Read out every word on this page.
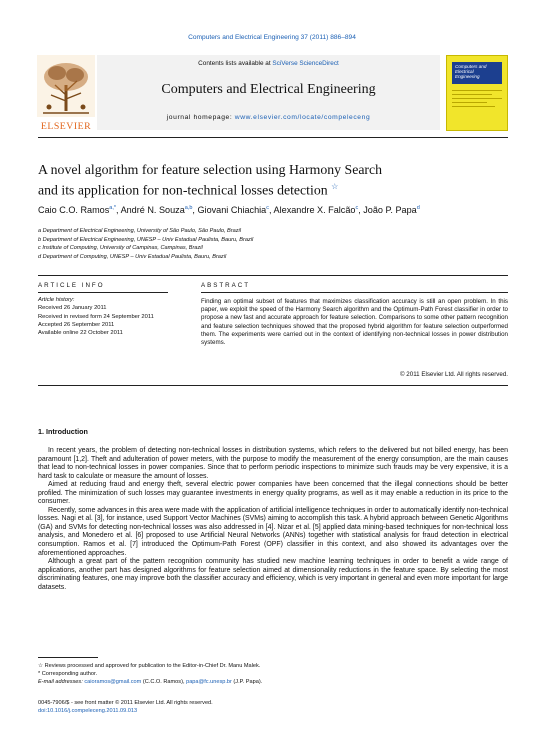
Computers and Electrical Engineering 37 (2011) 886–894
Contents lists available at SciVerse ScienceDirect
Computers and Electrical Engineering
journal homepage: www.elsevier.com/locate/compeleceng
ELSEVIER
Computers and Electrical Engineering
A novel algorithm for feature selection using Harmony Search
and its application for non-technical losses detection ☆
Caio C.O. Ramos$^{a,*}$, André N. Souza$^{a,b}$, Giovani Chiachia$^c$, Alexandre X. Falcão$^c$, João P. Papa$^d$
a Department of Electrical Engineering, University of São Paulo, São Paulo, Brazil
b Department of Electrical Engineering, UNESP – Univ Estadual Paulista, Bauru, Brazil
c Institute of Computing, University of Campinas, Campinas, Brazil
d Department of Computing, UNESP – Univ Estadual Paulista, Bauru, Brazil
ARTICLE INFO	ABSTRACT
Article history:
Received 26 January 2011
Received in revised form 24 September 2011
Accepted 26 September 2011
Available online 22 October 2011
Finding an optimal subset of features that maximizes classification accuracy is still an open problem. In this paper, we exploit the speed of the Harmony Search algorithm and the Optimum-Path Forest classifier in order to propose a new fast and accurate approach for feature selection. Comparisons to some other pattern recognition and feature selection techniques showed that the proposed hybrid algorithm for feature selection outperformed them. The experiments were carried out in the context of identifying non-technical losses in power distribution systems.
© 2011 Elsevier Ltd. All rights reserved.
1. Introduction

In recent years, the problem of detecting non-technical losses in distribution systems, which refers to the delivered but not billed energy, has been paramount [1,2]. Theft and adulteration of power meters, with the purpose to modify the measurement of the energy consumption, are the main causes that lead to non-technical losses in power companies. Since that to perform periodic inspections to minimize such frauds may be very expensive, it is a hard task to calculate or measure the amount of losses.

Aimed at reducing fraud and energy theft, several electric power companies have been concerned that the illegal connections should be better profiled. The minimization of such losses may guarantee investments in energy quality programs, as well as it may enable a reduction in its price to the consumer.

Recently, some advances in this area were made with the application of artificial intelligence techniques in order to automatically identify non-technical losses. Nagi et al. [3], for instance, used Support Vector Machines (SVMs) aiming to accomplish this task. A hybrid approach between Genetic Algorithms (GA) and SVMs for detecting non-technical losses was also addressed in [4]. Nizar et al. [5] applied data mining-based techniques for non-technical loss analysis, and Monedero et al. [6] proposed to use Artificial Neural Networks (ANNs) together with statistical analysis for fraud detection in electrical consumption. Ramos et al. [7] introduced the Optimum-Path Forest (OPF) classifier in this context, and also showed its advantages over the aforementioned approaches.

Although a great part of the pattern recognition community has studied new machine learning techniques in order to benefit a wide range of applications, another part has designed algorithms for feature selection aimed at dimensionality reductions in the feature space. By selecting the most discriminating features, one may improve both the classifier accuracy and efficiency, which is very important in general and even more important for large datasets.

☆ Reviews processed and approved for publication to the Editor-in-Chief Dr. Manu Malek.
* Corresponding author.
E-mail addresses: caioramos@gmail.com (C.C.O. Ramos), papa@fc.unesp.br (J.P. Papa).
0045-7906/$ - see front matter © 2011 Elsevier Ltd. All rights reserved.
doi:10.1016/j.compeleceng.2011.09.013
